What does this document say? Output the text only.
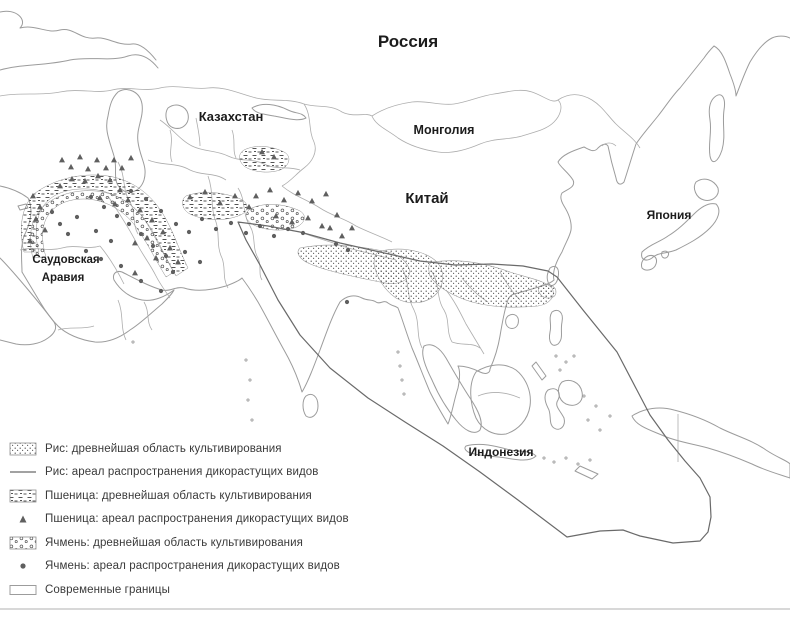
Россия
Казахстан
Монголия
Китай
Япония
Саудовская
Аравия
Индонезия
Рис: древнейшая область культивирования
Рис: ареал распространения дикорастущих видов
Пшеница: древнейшая область культивирования
Пшеница: ареал распространения дикорастущих видов
Ячмень: древнейшая область культивирования
Ячмень: ареал распространения дикорастущих видов
Современные границы
